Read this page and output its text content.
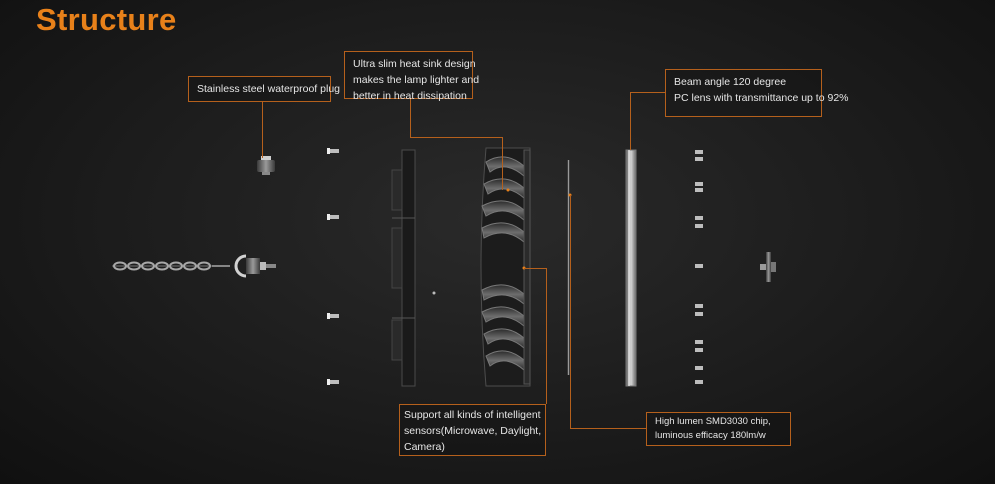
Structure
Stainless steel waterproof plug
Ultra slim heat sink design
makes the lamp lighter and
better in heat dissipation
Beam angle 120 degree
PC lens with transmittance up to 92%
Support all kinds of intelligent
sensors(Microwave, Daylight,
Camera)
High lumen SMD3030 chip,
luminous efficacy 180lm/w
